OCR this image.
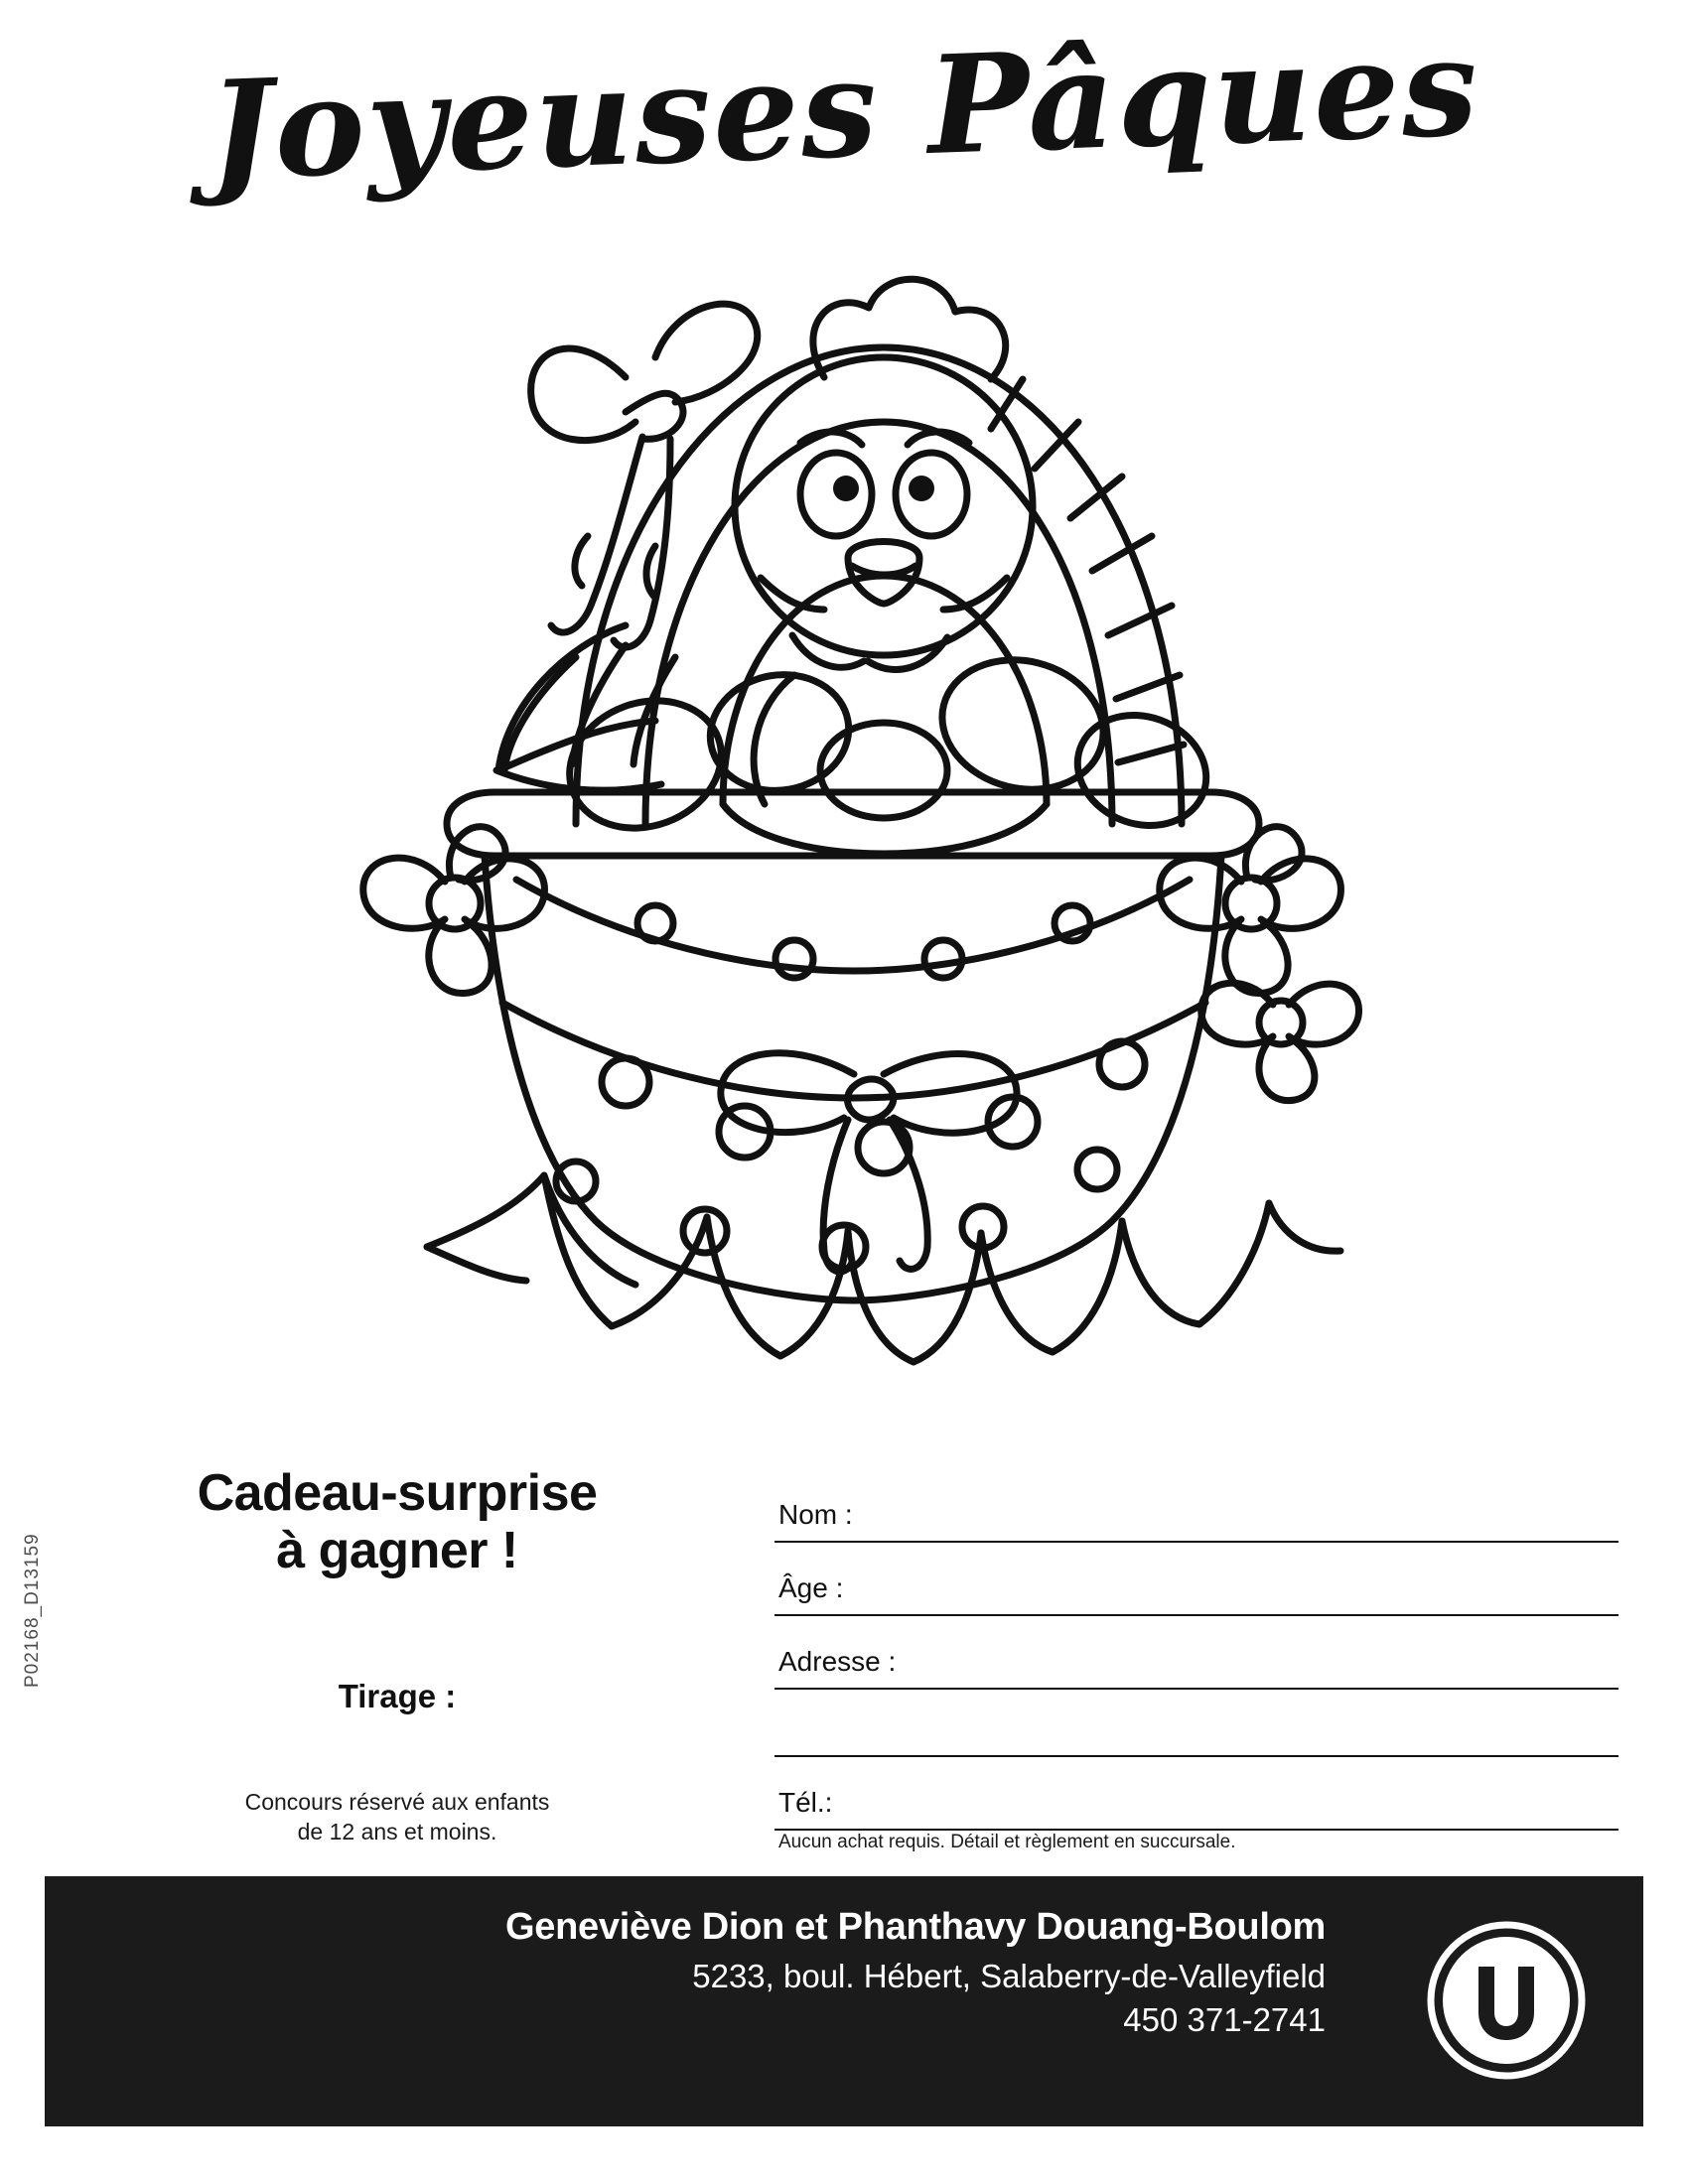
Joyeuses Pâques
P02168_D13159
Cadeau-surprise
à gagner !
Tirage :
Concours réservé aux enfants
de 12 ans et moins.
Nom :
Âge :
Adresse :
Tél.:
Aucun achat requis. Détail et règlement en succursale.
Geneviève Dion et Phanthavy Douang-Boulom
5233, boul. Hébert, Salaberry-de-Valleyfield
450 371-2741
